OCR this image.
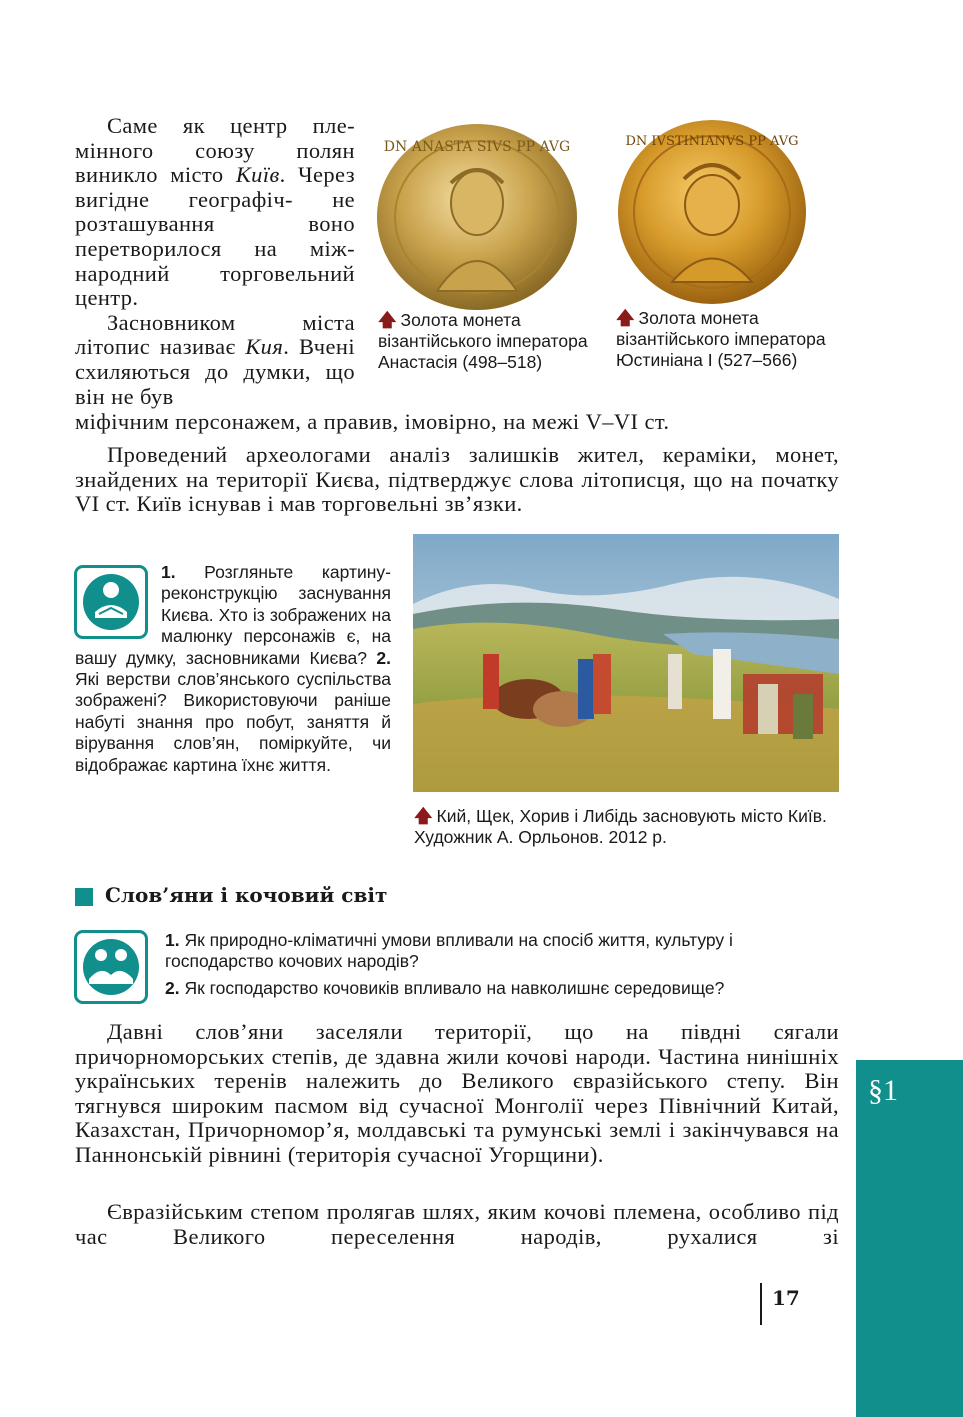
Саме як центр пле- мінного союзу полян виникло місто Київ. Через вигідне географіч- не розташування воно перетворилося на між- народний торговельний центр.

Засновником міста літопис називає Кия. Вчені схиляються до думки, що він не був

міфічним персонажем, а правив, імовірно, на межі V–VI ст.
DN ANASTA SIVS PP AVG
🡅 Золота монета візантійського імператора Анастасія (498–518)
DN IVSTINIANVS PP AVG
🡅 Золота монета візантійського імператора Юстиніана I (527–566)

Проведений археологами аналіз залишків жител, кераміки, монет, знайдених на території Києва, підтверджує слова літописця, що на початку VI ст. Київ існував і мав торговельні зв’язки.

1. Розгляньте картину-реконструкцію заснування Києва. Хто із зображених на малюнку персонажів є, на вашу думку, засновниками Києва? 2. Які верстви слов’янського суспільства зображені? Використовуючи раніше набуті знання про побут, заняття й вірування слов’ян, поміркуйте, чи відображає картина їхнє життя.
🡅 Кий, Щек, Хорив і Либідь засновують місто Київ. Художник А. Орльонов. 2012 р.
Слов’яни і кочовий світ
1. Як природно-кліматичні умови впливали на спосіб життя, культуру і господарство кочових народів?
2. Як господарство кочовиків впливало на навколишнє середовище?

Давні слов’яни заселяли території, що на півдні сягали причорноморських степів, де здавна жили кочові народи. Частина нинішніх українських теренів належить до Великого євразійського степу. Він тягнувся широким пасмом від сучасної Монголії через Північний Китай, Казахстан, Причорномор’я, молдавські та румунські землі і закінчувався на Паннонській рівнині (територія сучасної Угорщини).

Євразійським степом пролягав шлях, яким кочові племена, особливо під час Великого переселення народів, рухалися зі

17
§1
